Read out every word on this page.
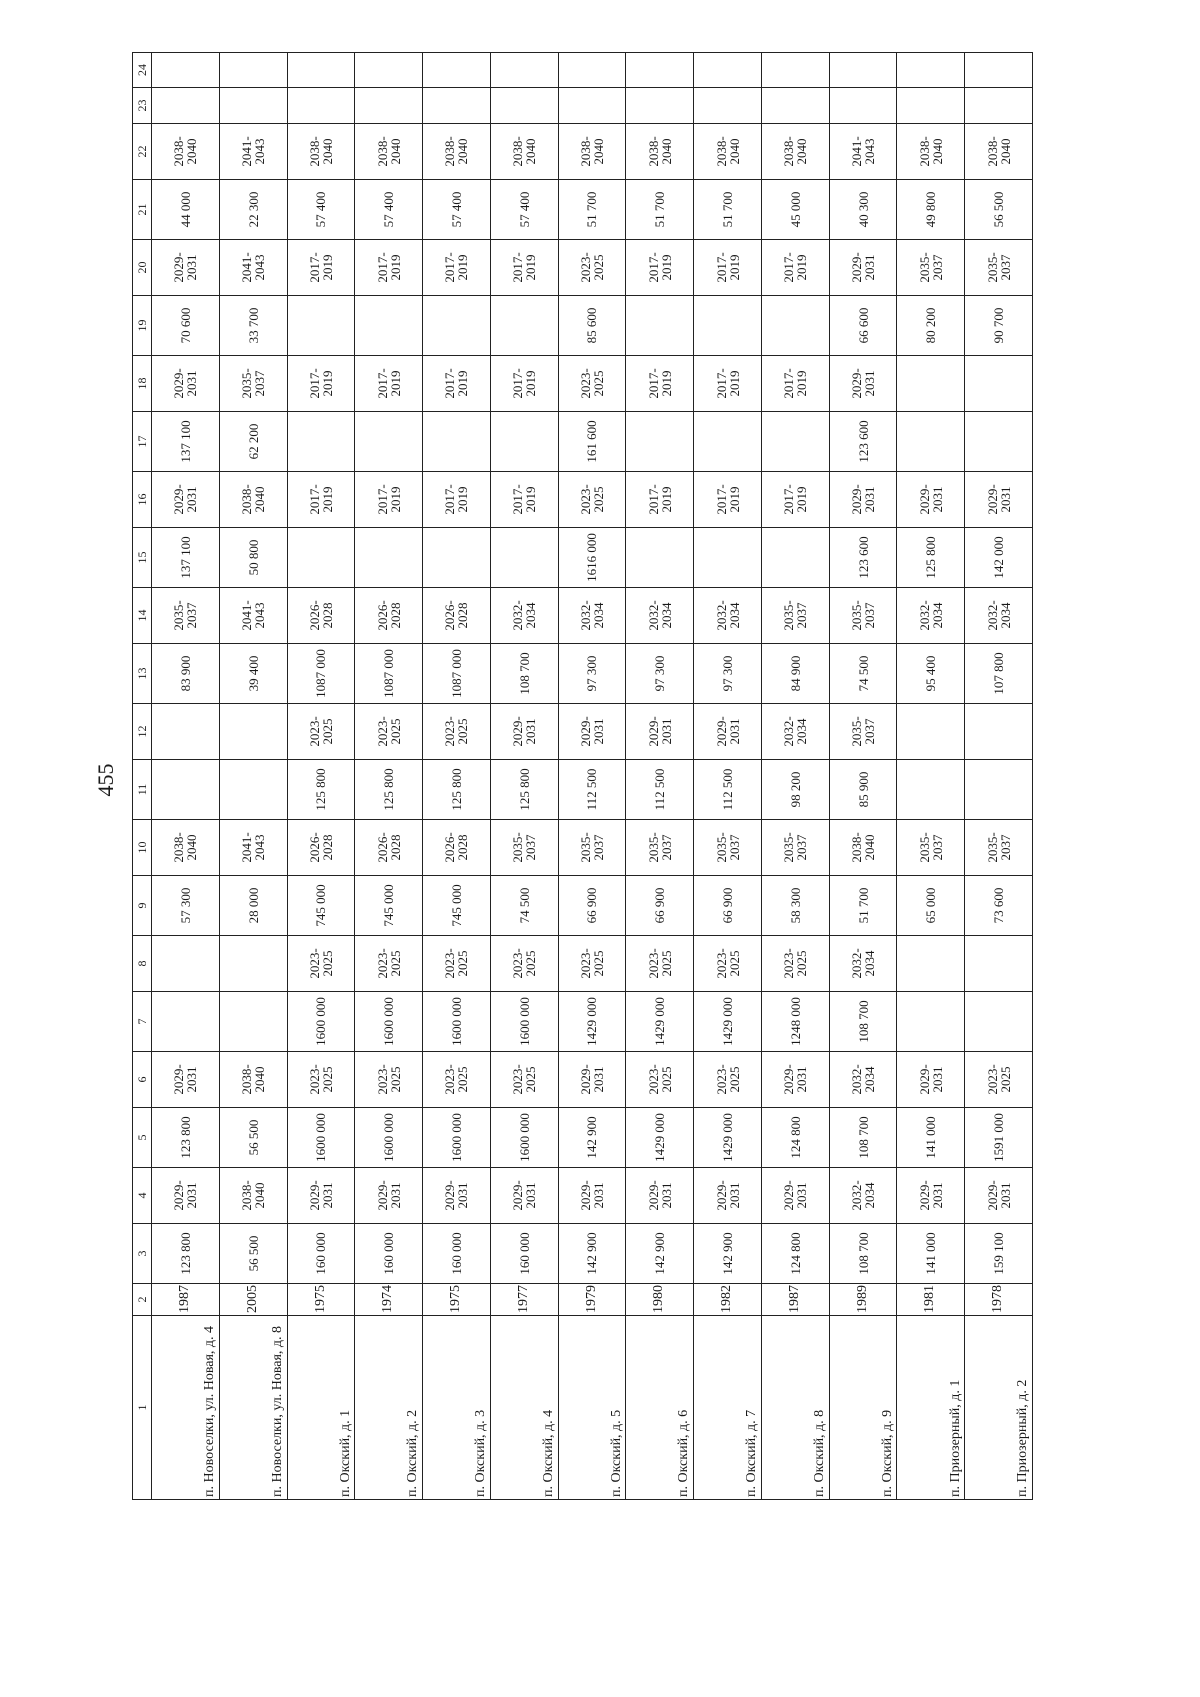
455
1	2	3	4	5	6	7	8	9	10	11	12	13	14	15	16	17	18	19	20	21	22	23	24
п. Новоселки, ул. Новая, д. 4	1987	123 800	2029-2031	123 800	2029-2031			57 300	2038-2040			83 900	2035-2037	137 100	2029-2031	137 100	2029-2031	70 600	2029-2031	44 000	2038-2040		
п. Новоселки, ул. Новая, д. 8	2005	56 500	2038-2040	56 500	2038-2040			28 000	2041-2043			39 400	2041-2043	50 800	2038-2040	62 200	2035-2037	33 700	2041-2043	22 300	2041-2043		
п. Окский, д. 1	1975	160 000	2029-2031	1600 000	2023-2025	1600 000	2023-2025	745 000	2026-2028	125 800	2023-2025	1087 000	2026-2028		2017-2019		2017-2019		2017-2019	57 400	2038-2040		
п. Окский, д. 2	1974	160 000	2029-2031	1600 000	2023-2025	1600 000	2023-2025	745 000	2026-2028	125 800	2023-2025	1087 000	2026-2028		2017-2019		2017-2019		2017-2019	57 400	2038-2040		
п. Окский, д. 3	1975	160 000	2029-2031	1600 000	2023-2025	1600 000	2023-2025	745 000	2026-2028	125 800	2023-2025	1087 000	2026-2028		2017-2019		2017-2019		2017-2019	57 400	2038-2040		
п. Окский, д. 4	1977	160 000	2029-2031	1600 000	2023-2025	1600 000	2023-2025	74 500	2035-2037	125 800	2029-2031	108 700	2032-2034		2017-2019		2017-2019		2017-2019	57 400	2038-2040		
п. Окский, д. 5	1979	142 900	2029-2031	142 900	2029-2031	1429 000	2023-2025	66 900	2035-2037	112 500	2029-2031	97 300	2032-2034	1616 000	2023-2025	161 600	2023-2025	85 600	2023-2025	51 700	2038-2040		
п. Окский, д. 6	1980	142 900	2029-2031	1429 000	2023-2025	1429 000	2023-2025	66 900	2035-2037	112 500	2029-2031	97 300	2032-2034		2017-2019		2017-2019		2017-2019	51 700	2038-2040		
п. Окский, д. 7	1982	142 900	2029-2031	1429 000	2023-2025	1429 000	2023-2025	66 900	2035-2037	112 500	2029-2031	97 300	2032-2034		2017-2019		2017-2019		2017-2019	51 700	2038-2040		
п. Окский, д. 8	1987	124 800	2029-2031	124 800	2029-2031	1248 000	2023-2025	58 300	2035-2037	98 200	2032-2034	84 900	2035-2037		2017-2019		2017-2019		2017-2019	45 000	2038-2040		
п. Окский, д. 9	1989	108 700	2032-2034	108 700	2032-2034	108 700	2032-2034	51 700	2038-2040	85 900	2035-2037	74 500	2035-2037	123 600	2029-2031	123 600	2029-2031	66 600	2029-2031	40 300	2041-2043		
п. Приозерный, д. 1	1981	141 000	2029-2031	141 000	2029-2031			65 000	2035-2037			95 400	2032-2034	125 800	2029-2031			80 200	2035-2037	49 800	2038-2040		
п. Приозерный, д. 2	1978	159 100	2029-2031	1591 000	2023-2025			73 600	2035-2037			107 800	2032-2034	142 000	2029-2031			90 700	2035-2037	56 500	2038-2040		
